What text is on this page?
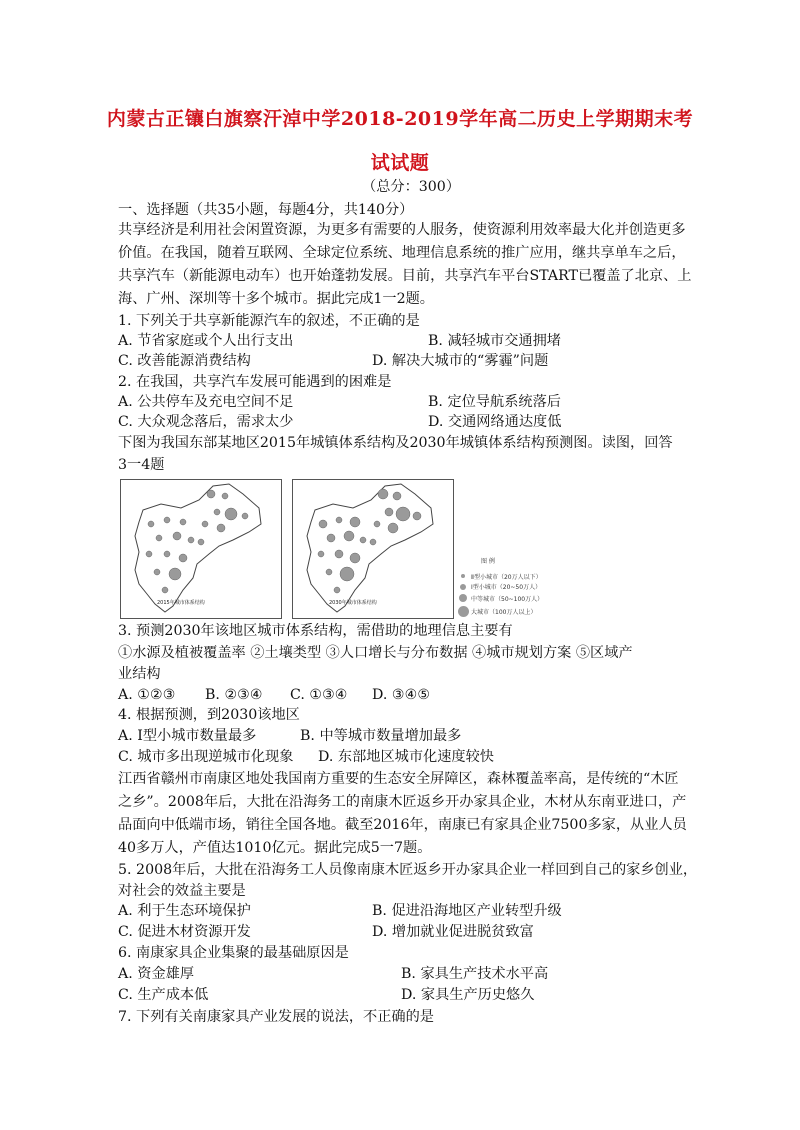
内蒙古正镶白旗察汗淖中学2018-2019学年高二历史上学期期末考
试试题
（总分：300）
一、选择题（共35小题，每题4分，共140分）
共享经济是利用社会闲置资源，为更多有需要的人服务，使资源利用效率最大化并创造更多
价值。在我国，随着互联网、全球定位系统、地理信息系统的推广应用，继共享单车之后，
共享汽车（新能源电动车）也开始蓬勃发展。目前，共享汽车平台START已覆盖了北京、上
海、广州、深圳等十多个城市。据此完成1一2题。
1. 下列关于共享新能源汽车的叙述，不正确的是
A. 节省家庭或个人出行支出	B. 减轻城市交通拥堵
C. 改善能源消费结构	D. 解决大城市的“雾霾”问题
2. 在我国，共享汽车发展可能遇到的困难是
A. 公共停车及充电空间不足	B. 定位导航系统落后
C. 大众观念落后，需求太少	D. 交通网络通达度低
下图为我国东部某地区2015年城镇体系结构及2030年城镇体系结构预测图。读图，回答
3一4题
2015年城市体系结构	2030年城市体系结构
图 例
Ⅱ型小城市（20万人以下）
Ⅰ型小城市（20~50万人）
中等城市（50~100万人）
大城市（100万人以上）
3. 预测2030年该地区城市体系结构，需借助的地理信息主要有
①水源及植被覆盖率 ②土壤类型 ③人口增长与分布数据 ④城市规划方案 ⑤区域产
业结构
A. ①②③ B. ②③④ C. ①③④ D. ③④⑤
4. 根据预测，到2030该地区
A. Ⅰ型小城市数量最多	B. 中等城市数量增加最多
C. 城市多出现逆城市化现象 D. 东部地区城市化速度较快
江西省赣州市南康区地处我国南方重要的生态安全屏障区，森林覆盖率高，是传统的“木匠
之乡”。2008年后，大批在沿海务工的南康木匠返乡开办家具企业，木材从东南亚进口，产
品面向中低端市场，销往全国各地。截至2016年，南康已有家具企业7500多家，从业人员
40多万人，产值达1010亿元。据此完成5一7题。
5. 2008年后，大批在沿海务工人员像南康木匠返乡开办家具企业一样回到自己的家乡创业，
对社会的效益主要是
A. 利于生态环境保护	B. 促进沿海地区产业转型升级
C. 促进木材资源开发	D. 增加就业促进脱贫致富
6. 南康家具企业集聚的最基础原因是
A. 资金雄厚	B. 家具生产技术水平高
C. 生产成本低	D. 家具生产历史悠久
7. 下列有关南康家具产业发展的说法，不正确的是
